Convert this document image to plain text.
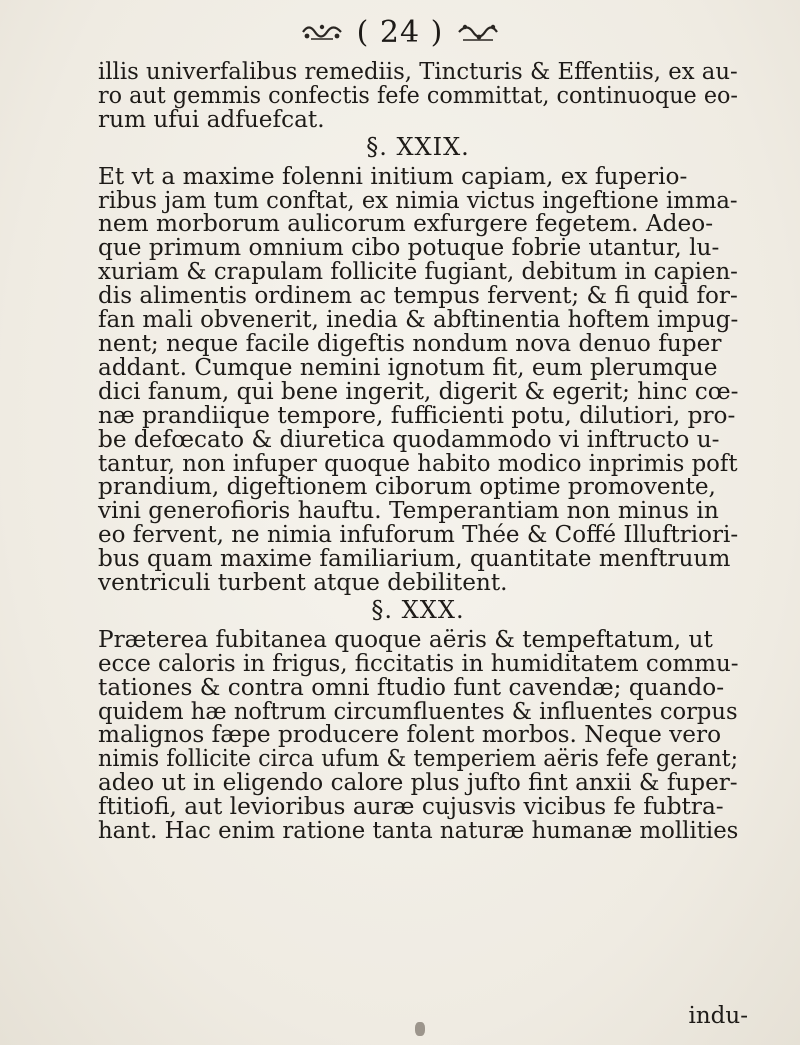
( 24 )
illis univerfalibus remediis, Tincturis & Effentiis, ex au-
ro aut gemmis confectis fefe committat, continuoque eo-
rum ufui adfuefcat.
§. XXIX.
Et vt a maxime folenni initium capiam, ex fuperio-
ribus jam tum conftat, ex nimia victus ingeftione imma-
nem morborum aulicorum exfurgere fegetem. Adeo-
que primum omnium cibo potuque fobrie utantur, lu-
xuriam & crapulam follicite fugiant, debitum in capien-
dis alimentis ordinem ac tempus fervent; & fi quid for-
fan mali obvenerit, inedia & abftinentia hoftem impug-
nent; neque facile digeftis nondum nova denuo fuper
addant. Cumque nemini ignotum fit, eum plerumque
dici fanum, qui bene ingerit, digerit & egerit; hinc cœ-
næ prandiique tempore, fufficienti potu, dilutiori, pro-
be defœcato & diuretica quodammodo vi inftructo u-
tantur, non infuper quoque habito modico inprimis poft
prandium, digeftionem ciborum optime promovente,
vini generofioris hauftu. Temperantiam non minus in
eo fervent, ne nimia infuforum Thée & Coffé Illuftriori-
bus quam maxime familiarium, quantitate menftruum
ventriculi turbent atque debilitent.
§. XXX.
Præterea fubitanea quoque aëris & tempeftatum, ut
ecce caloris in frigus, ficcitatis in humiditatem commu-
tationes & contra omni ftudio funt cavendæ; quando-
quidem hæ noftrum circumfluentes & influentes corpus
malignos fæpe producere folent morbos. Neque vero
nimis follicite circa ufum & temperiem aëris fefe gerant;
adeo ut in eligendo calore plus jufto fint anxii & fuper-
ftitiofi, aut levioribus auræ cujusvis vicibus fe fubtra-
hant. Hac enim ratione tanta naturæ humanæ mollities
indu-
